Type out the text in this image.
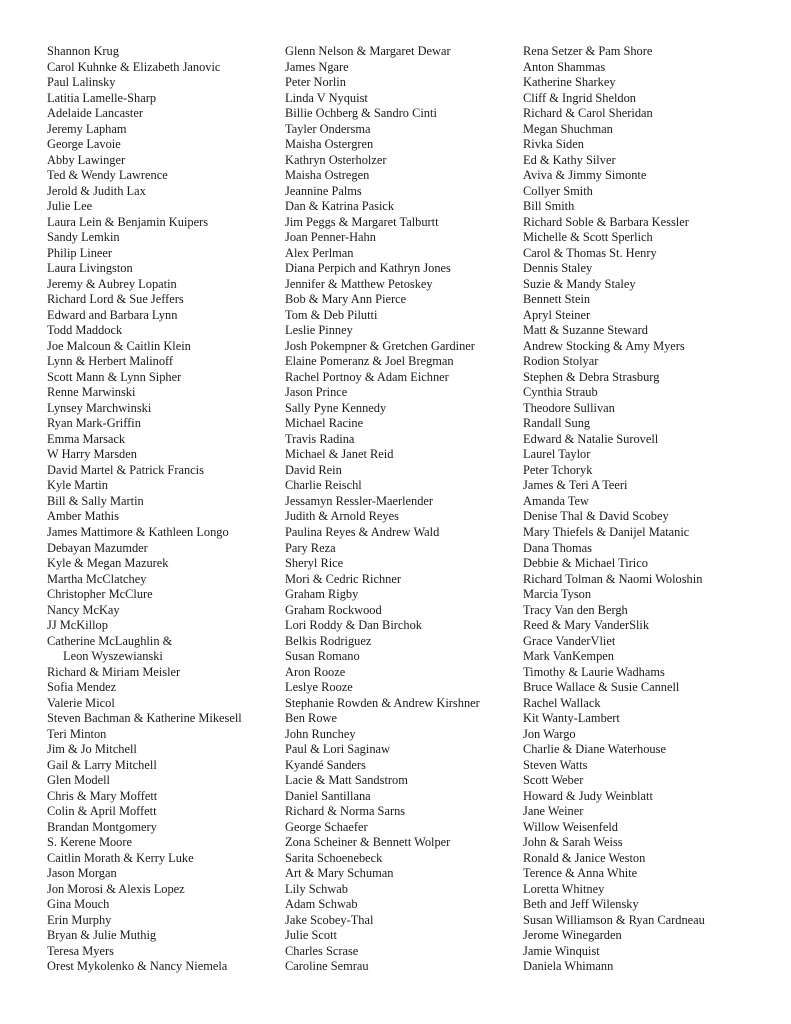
Shannon Krug
Carol Kuhnke & Elizabeth Janovic
Paul Lalinsky
Latitia Lamelle-Sharp
Adelaide Lancaster
Jeremy Lapham
George Lavoie
Abby Lawinger
Ted & Wendy Lawrence
Jerold & Judith Lax
Julie Lee
Laura Lein & Benjamin Kuipers
Sandy Lemkin
Philip Lineer
Laura Livingston
Jeremy & Aubrey Lopatin
Richard Lord & Sue Jeffers
Edward and Barbara Lynn
Todd Maddock
Joe Malcoun & Caitlin Klein
Lynn & Herbert Malinoff
Scott Mann & Lynn Sipher
Renne Marwinski
Lynsey Marchwinski
Ryan Mark-Griffin
Emma Marsack
W Harry Marsden
David Martel & Patrick Francis
Kyle Martin
Bill & Sally Martin
Amber Mathis
James Mattimore & Kathleen Longo
Debayan Mazumder
Kyle & Megan Mazurek
Martha McClatchey
Christopher McClure
Nancy McKay
JJ McKillop
Catherine McLaughlin &
Leon Wyszewianski
Richard & Miriam Meisler
Sofia Mendez
Valerie Micol
Steven Bachman & Katherine Mikesell
Teri Minton
Jim & Jo Mitchell
Gail & Larry Mitchell
Glen Modell
Chris & Mary Moffett
Colin & April Moffett
Brandan Montgomery
S. Kerene Moore
Caitlin Morath & Kerry Luke
Jason Morgan
Jon Morosi & Alexis Lopez
Gina Mouch
Erin Murphy
Bryan & Julie Muthig
Teresa Myers
Orest Mykolenko & Nancy Niemela
Glenn Nelson & Margaret Dewar
James Ngare
Peter Norlin
Linda V Nyquist
Billie Ochberg & Sandro Cinti
Tayler Ondersma
Maisha Ostergren
Kathryn Osterholzer
Maisha Ostregen
Jeannine Palms
Dan & Katrina Pasick
Jim Peggs & Margaret Talburtt
Joan Penner-Hahn
Alex Perlman
Diana Perpich and Kathryn Jones
Jennifer & Matthew Petoskey
Bob & Mary Ann Pierce
Tom & Deb Pilutti
Leslie Pinney
Josh Pokempner & Gretchen Gardiner
Elaine Pomeranz & Joel Bregman
Rachel Portnoy & Adam Eichner
Jason Prince
Sally Pyne Kennedy
Michael Racine
Travis Radina
Michael & Janet Reid
David Rein
Charlie Reischl
Jessamyn Ressler-Maerlender
Judith & Arnold Reyes
Paulina Reyes & Andrew Wald
Pary Reza
Sheryl Rice
Mori & Cedric Richner
Graham Rigby
Graham Rockwood
Lori Roddy & Dan Birchok
Belkis Rodriguez
Susan Romano
Aron Rooze
Leslye Rooze
Stephanie Rowden & Andrew Kirshner
Ben Rowe
John Runchey
Paul & Lori Saginaw
Kyandé Sanders
Lacie & Matt Sandstrom
Daniel Santillana
Richard & Norma Sarns
George Schaefer
Zona Scheiner & Bennett Wolper
Sarita Schoenebeck
Art & Mary Schuman
Lily Schwab
Adam Schwab
Jake Scobey-Thal
Julie Scott
Charles Scrase
Caroline Semrau
Rena Setzer & Pam Shore
Anton Shammas
Katherine Sharkey
Cliff & Ingrid Sheldon
Richard & Carol Sheridan
Megan Shuchman
Rivka Siden
Ed & Kathy Silver
Aviva & Jimmy Simonte
Collyer Smith
Bill Smith
Richard Soble & Barbara Kessler
Michelle & Scott Sperlich
Carol & Thomas St. Henry
Dennis Staley
Suzie & Mandy Staley
Bennett Stein
Apryl Steiner
Matt & Suzanne Steward
Andrew Stocking & Amy Myers
Rodion Stolyar
Stephen & Debra Strasburg
Cynthia Straub
Theodore Sullivan
Randall Sung
Edward & Natalie Surovell
Laurel Taylor
Peter Tchoryk
James & Teri A Teeri
Amanda Tew
Denise Thal & David Scobey
Mary Thiefels & Danijel Matanic
Dana Thomas
Debbie & Michael Tirico
Richard Tolman & Naomi Woloshin
Marcia Tyson
Tracy Van den Bergh
Reed & Mary VanderSlik
Grace VanderVliet
Mark VanKempen
Timothy & Laurie Wadhams
Bruce Wallace & Susie Cannell
Rachel Wallack
Kit Wanty-Lambert
Jon Wargo
Charlie & Diane Waterhouse
Steven Watts
Scott Weber
Howard & Judy Weinblatt
Jane Weiner
Willow Weisenfeld
John & Sarah Weiss
Ronald & Janice Weston
Terence & Anna White
Loretta Whitney
Beth and Jeff Wilensky
Susan Williamson & Ryan Cardneau
Jerome Winegarden
Jamie Winquist
Daniela Whimann
